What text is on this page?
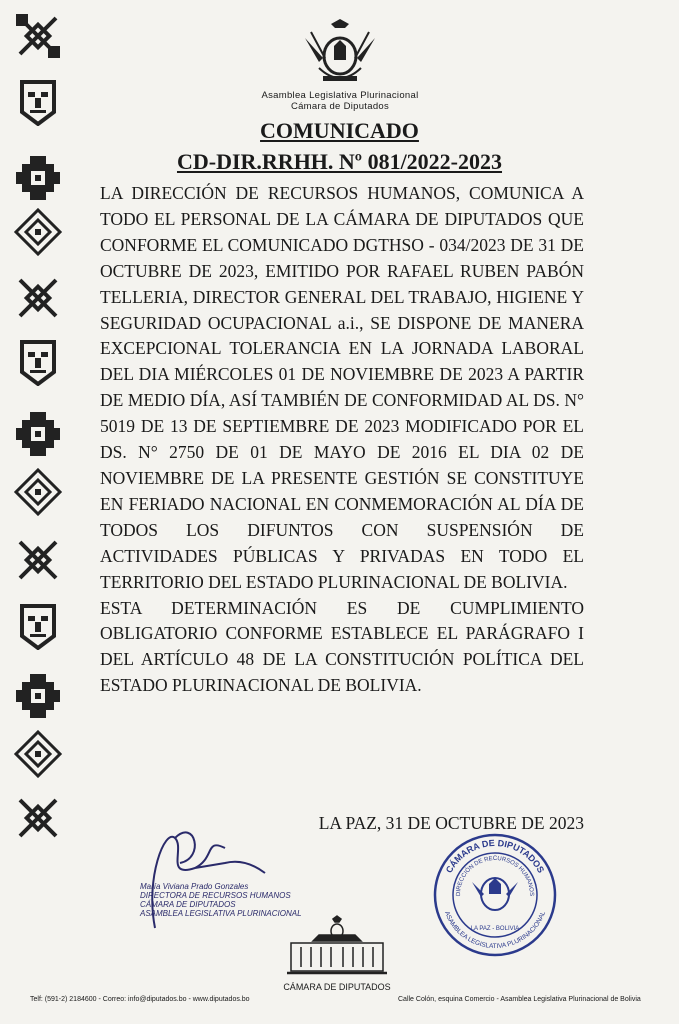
Asamblea Legislativa Plurinacional
Cámara de Diputados
COMUNICADO
CD-DIR.RRHH. Nº 081/2022-2023

LA DIRECCIÓN DE RECURSOS HUMANOS, COMUNICA A TODO EL PERSONAL DE LA CÁMARA DE DIPUTADOS QUE CONFORME EL COMUNICADO DGTHSO - 034/2023 DE 31 DE OCTUBRE DE 2023, EMITIDO POR RAFAEL RUBEN PABÓN TELLERIA, DIRECTOR GENERAL DEL TRABAJO, HIGIENE Y SEGURIDAD OCUPACIONAL a.i., SE DISPONE DE MANERA EXCEPCIONAL TOLERANCIA EN LA JORNADA LABORAL DEL DIA MIÉRCOLES 01 DE NOVIEMBRE DE 2023 A PARTIR DE MEDIO DÍA, ASÍ TAMBIÉN DE CONFORMIDAD AL DS. N° 5019 DE 13 DE SEPTIEMBRE DE 2023 MODIFICADO POR EL DS. N° 2750 DE 01 DE MAYO DE 2016 EL DIA 02 DE NOVIEMBRE DE LA PRESENTE GESTIÓN SE CONSTITUYE EN FERIADO NACIONAL EN CONMEMORACIÓN AL DÍA DE TODOS LOS DIFUNTOS CON SUSPENSIÓN DE ACTIVIDADES PÚBLICAS Y PRIVADAS EN TODO EL TERRITORIO DEL ESTADO PLURINACIONAL DE BOLIVIA.

ESTA DETERMINACIÓN ES DE CUMPLIMIENTO OBLIGATORIO CONFORME ESTABLECE EL PARÁGRAFO I DEL ARTÍCULO 48 DE LA CONSTITUCIÓN POLÍTICA DEL ESTADO PLURINACIONAL DE BOLIVIA.

LA PAZ, 31 DE OCTUBRE DE 2023
María Viviana Prado Gonzales
DIRECTORA DE RECURSOS HUMANOS
CÁMARA DE DIPUTADOS
ASAMBLEA LEGISLATIVA PLURINACIONAL
CÁMARA DE DIPUTADOS
DIRECCIÓN DE RECURSOS HUMANOS
ASAMBLEA LEGISLATIVA PLURINACIONAL
LA PAZ - BOLIVIA
CÁMARA DE DIPUTADOS
Telf: (591-2) 2184600 - Correo: info@diputados.bo - www.diputados.bo	Calle Colón, esquina Comercio - Asamblea Legislativa Plurinacional de Bolivia
